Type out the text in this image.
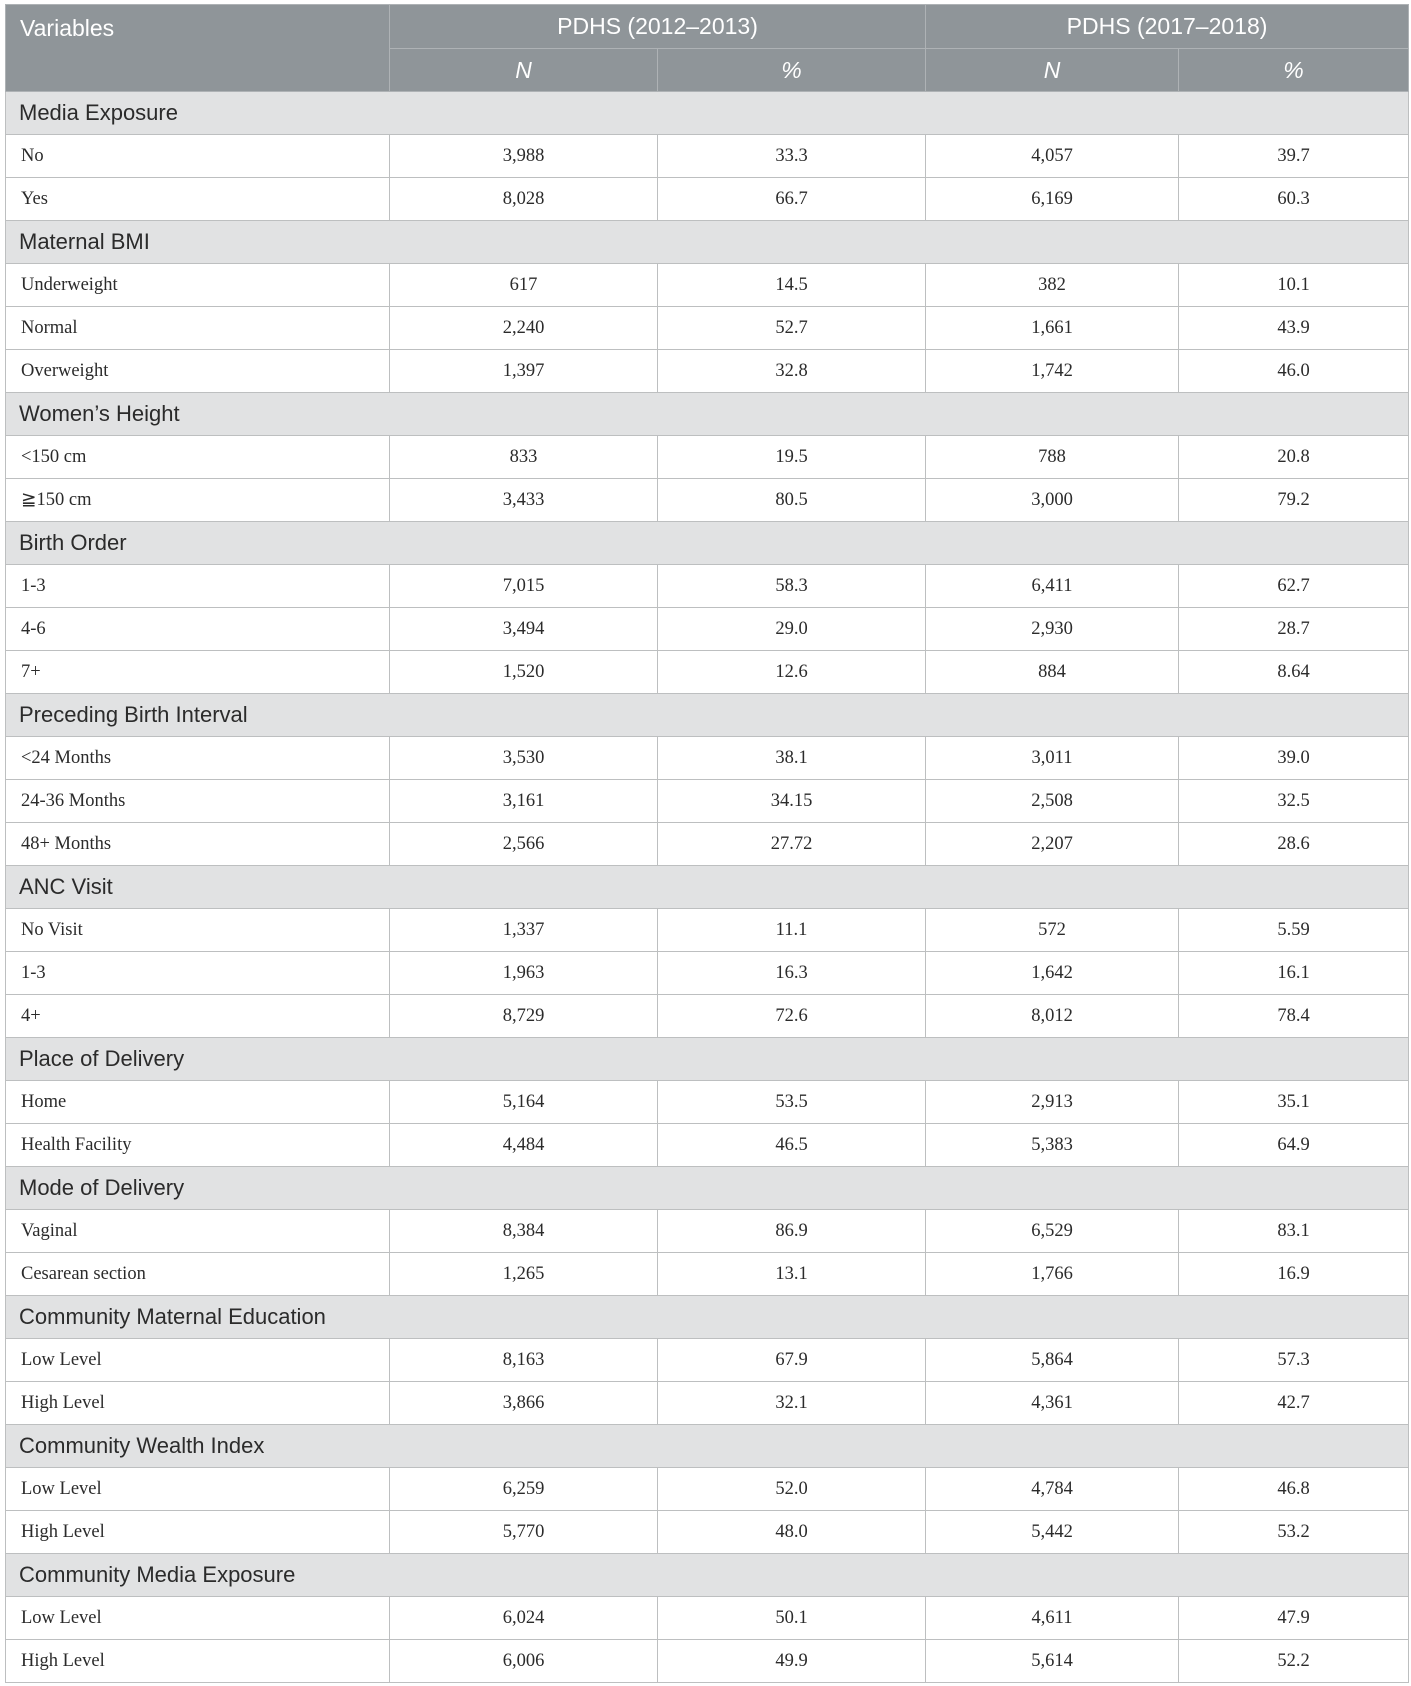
Variables	PDHS (2012–2013)		PDHS (2017–2018)	
	N	%	N	%
Media Exposure				
No	3,988	33.3	4,057	39.7
Yes	8,028	66.7	6,169	60.3
Maternal BMI				
Underweight	617	14.5	382	10.1
Normal	2,240	52.7	1,661	43.9
Overweight	1,397	32.8	1,742	46.0
Women’s Height				
<150 cm	833	19.5	788	20.8
≧150 cm	3,433	80.5	3,000	79.2
Birth Order				
1-3	7,015	58.3	6,411	62.7
4-6	3,494	29.0	2,930	28.7
7+	1,520	12.6	884	8.64
Preceding Birth Interval				
<24 Months	3,530	38.1	3,011	39.0
24-36 Months	3,161	34.15	2,508	32.5
48+ Months	2,566	27.72	2,207	28.6
ANC Visit				
No Visit	1,337	11.1	572	5.59
1-3	1,963	16.3	1,642	16.1
4+	8,729	72.6	8,012	78.4
Place of Delivery				
Home	5,164	53.5	2,913	35.1
Health Facility	4,484	46.5	5,383	64.9
Mode of Delivery				
Vaginal	8,384	86.9	6,529	83.1
Cesarean section	1,265	13.1	1,766	16.9
Community Maternal Education				
Low Level	8,163	67.9	5,864	57.3
High Level	3,866	32.1	4,361	42.7
Community Wealth Index				
Low Level	6,259	52.0	4,784	46.8
High Level	5,770	48.0	5,442	53.2
Community Media Exposure				
Low Level	6,024	50.1	4,611	47.9
High Level	6,006	49.9	5,614	52.2
